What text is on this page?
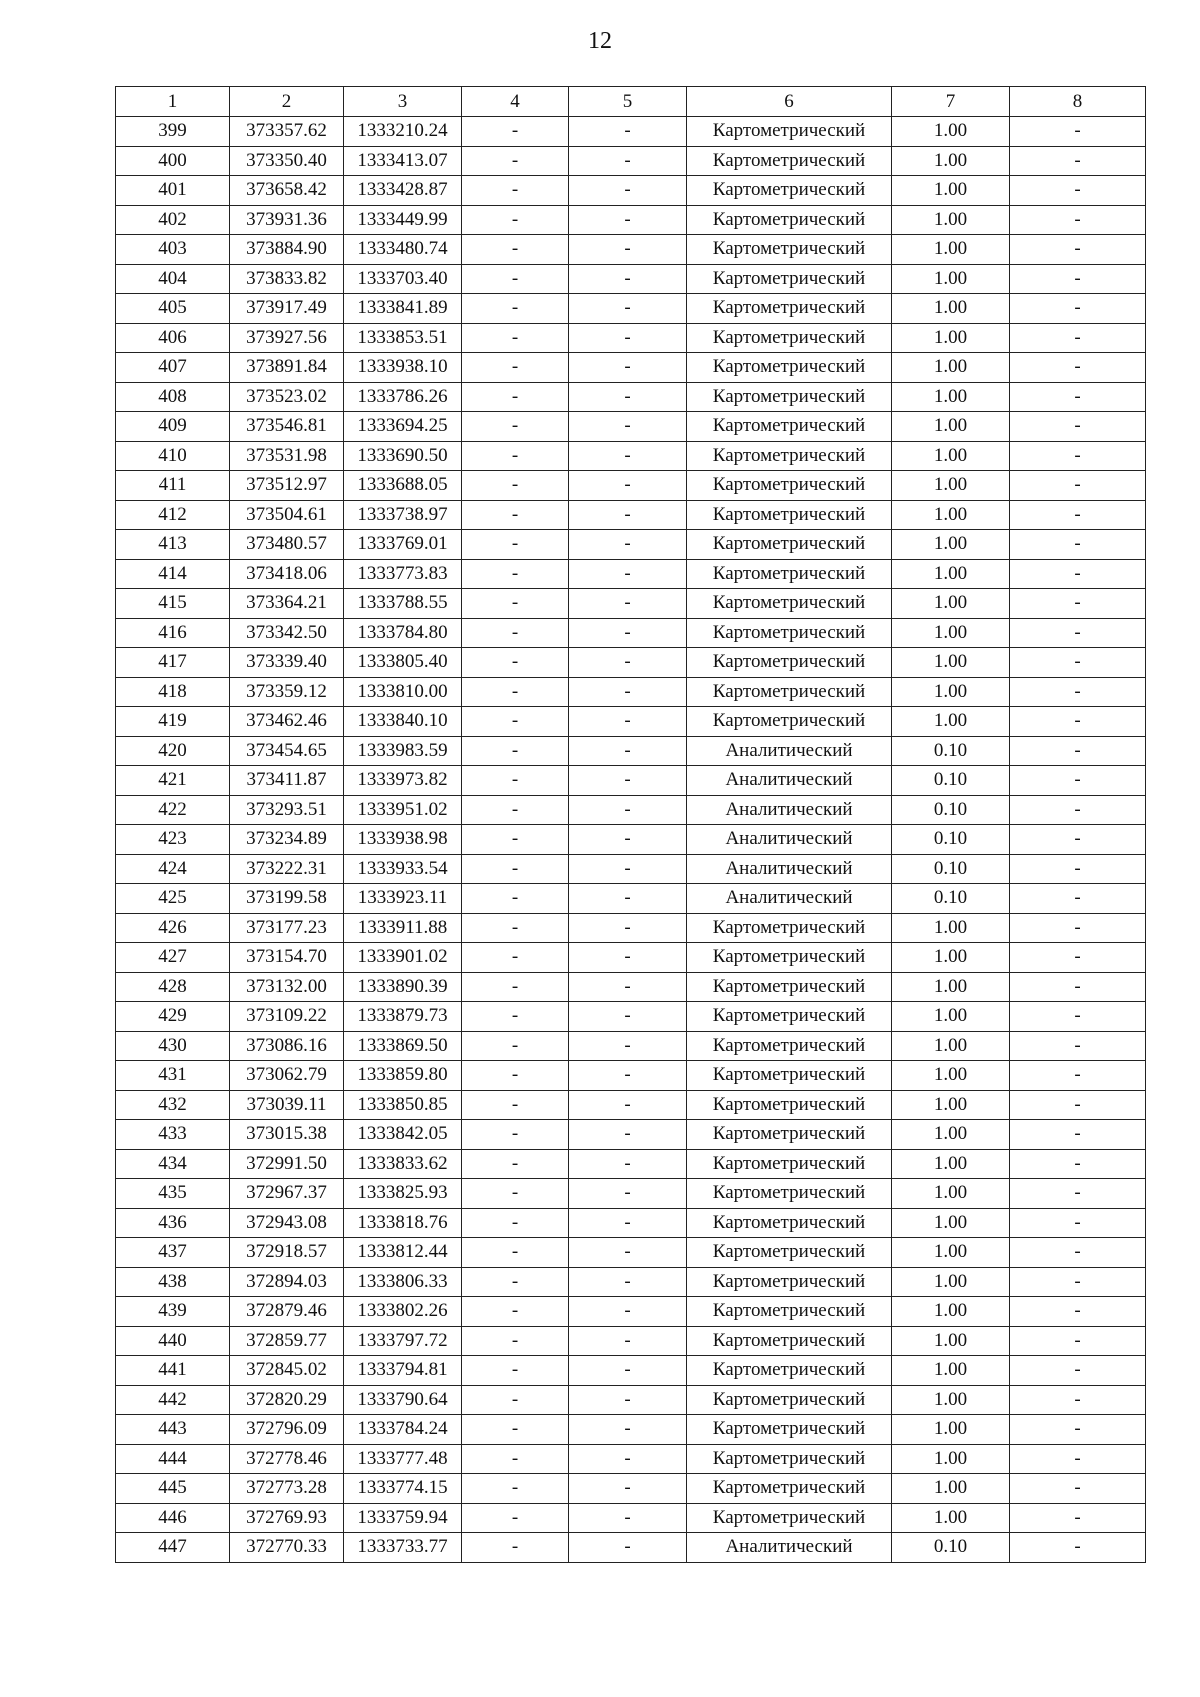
12
1	2	3	4	5	6	7	8
399	373357.62	1333210.24	-	-	Картометрический	1.00	-
400	373350.40	1333413.07	-	-	Картометрический	1.00	-
401	373658.42	1333428.87	-	-	Картометрический	1.00	-
402	373931.36	1333449.99	-	-	Картометрический	1.00	-
403	373884.90	1333480.74	-	-	Картометрический	1.00	-
404	373833.82	1333703.40	-	-	Картометрический	1.00	-
405	373917.49	1333841.89	-	-	Картометрический	1.00	-
406	373927.56	1333853.51	-	-	Картометрический	1.00	-
407	373891.84	1333938.10	-	-	Картометрический	1.00	-
408	373523.02	1333786.26	-	-	Картометрический	1.00	-
409	373546.81	1333694.25	-	-	Картометрический	1.00	-
410	373531.98	1333690.50	-	-	Картометрический	1.00	-
411	373512.97	1333688.05	-	-	Картометрический	1.00	-
412	373504.61	1333738.97	-	-	Картометрический	1.00	-
413	373480.57	1333769.01	-	-	Картометрический	1.00	-
414	373418.06	1333773.83	-	-	Картометрический	1.00	-
415	373364.21	1333788.55	-	-	Картометрический	1.00	-
416	373342.50	1333784.80	-	-	Картометрический	1.00	-
417	373339.40	1333805.40	-	-	Картометрический	1.00	-
418	373359.12	1333810.00	-	-	Картометрический	1.00	-
419	373462.46	1333840.10	-	-	Картометрический	1.00	-
420	373454.65	1333983.59	-	-	Аналитический	0.10	-
421	373411.87	1333973.82	-	-	Аналитический	0.10	-
422	373293.51	1333951.02	-	-	Аналитический	0.10	-
423	373234.89	1333938.98	-	-	Аналитический	0.10	-
424	373222.31	1333933.54	-	-	Аналитический	0.10	-
425	373199.58	1333923.11	-	-	Аналитический	0.10	-
426	373177.23	1333911.88	-	-	Картометрический	1.00	-
427	373154.70	1333901.02	-	-	Картометрический	1.00	-
428	373132.00	1333890.39	-	-	Картометрический	1.00	-
429	373109.22	1333879.73	-	-	Картометрический	1.00	-
430	373086.16	1333869.50	-	-	Картометрический	1.00	-
431	373062.79	1333859.80	-	-	Картометрический	1.00	-
432	373039.11	1333850.85	-	-	Картометрический	1.00	-
433	373015.38	1333842.05	-	-	Картометрический	1.00	-
434	372991.50	1333833.62	-	-	Картометрический	1.00	-
435	372967.37	1333825.93	-	-	Картометрический	1.00	-
436	372943.08	1333818.76	-	-	Картометрический	1.00	-
437	372918.57	1333812.44	-	-	Картометрический	1.00	-
438	372894.03	1333806.33	-	-	Картометрический	1.00	-
439	372879.46	1333802.26	-	-	Картометрический	1.00	-
440	372859.77	1333797.72	-	-	Картометрический	1.00	-
441	372845.02	1333794.81	-	-	Картометрический	1.00	-
442	372820.29	1333790.64	-	-	Картометрический	1.00	-
443	372796.09	1333784.24	-	-	Картометрический	1.00	-
444	372778.46	1333777.48	-	-	Картометрический	1.00	-
445	372773.28	1333774.15	-	-	Картометрический	1.00	-
446	372769.93	1333759.94	-	-	Картометрический	1.00	-
447	372770.33	1333733.77	-	-	Аналитический	0.10	-
